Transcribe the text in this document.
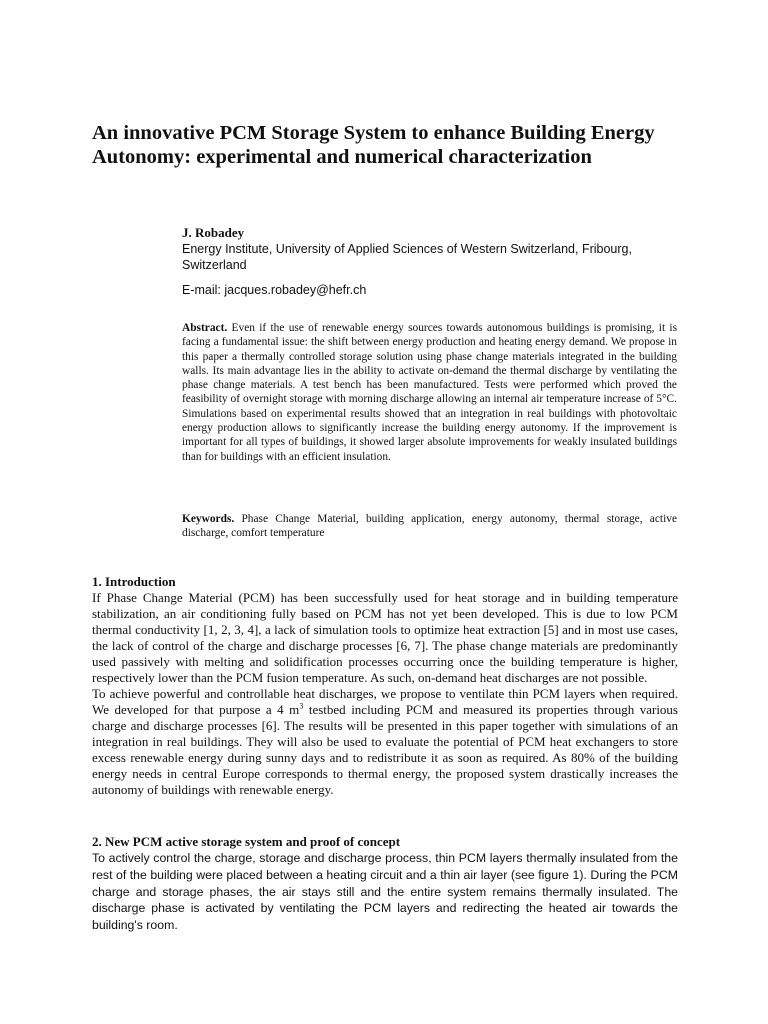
An innovative PCM Storage System to enhance Building Energy Autonomy: experimental and numerical characterization

J. Robadey

Energy Institute, University of Applied Sciences of Western Switzerland, Fribourg, Switzerland

E-mail: jacques.robadey@hefr.ch

Abstract. Even if the use of renewable energy sources towards autonomous buildings is promising, it is facing a fundamental issue: the shift between energy production and heating energy demand. We propose in this paper a thermally controlled storage solution using phase change materials integrated in the building walls. Its main advantage lies in the ability to activate on-demand the thermal discharge by ventilating the phase change materials. A test bench has been manufactured. Tests were performed which proved the feasibility of overnight storage with morning discharge allowing an internal air temperature increase of 5°C. Simulations based on experimental results showed that an integration in real buildings with photovoltaic energy production allows to significantly increase the building energy autonomy. If the improvement is important for all types of buildings, it showed larger absolute improvements for weakly insulated buildings than for buildings with an efficient insulation.

Keywords. Phase Change Material, building application, energy autonomy, thermal storage, active discharge, comfort temperature

1. Introduction

If Phase Change Material (PCM) has been successfully used for heat storage and in building temperature stabilization, an air conditioning fully based on PCM has not yet been developed. This is due to low PCM thermal conductivity [1, 2, 3, 4], a lack of simulation tools to optimize heat extraction [5] and in most use cases, the lack of control of the charge and discharge processes [6, 7]. The phase change materials are predominantly used passively with melting and solidification processes occurring once the building temperature is higher, respectively lower than the PCM fusion temperature. As such, on-demand heat discharges are not possible.

To achieve powerful and controllable heat discharges, we propose to ventilate thin PCM layers when required. We developed for that purpose a 4 $m^3$ testbed including PCM and measured its properties through various charge and discharge processes [6]. The results will be presented in this paper together with simulations of an integration in real buildings. They will also be used to evaluate the potential of PCM heat exchangers to store excess renewable energy during sunny days and to redistribute it as soon as required. As 80% of the building energy needs in central Europe corresponds to thermal energy, the proposed system drastically increases the autonomy of buildings with renewable energy.

2. New PCM active storage system and proof of concept

To actively control the charge, storage and discharge process, thin PCM layers thermally insulated from the rest of the building were placed between a heating circuit and a thin air layer (see figure 1). During the PCM charge and storage phases, the air stays still and the entire system remains thermally insulated. The discharge phase is activated by ventilating the PCM layers and redirecting the heated air towards the building's room.
